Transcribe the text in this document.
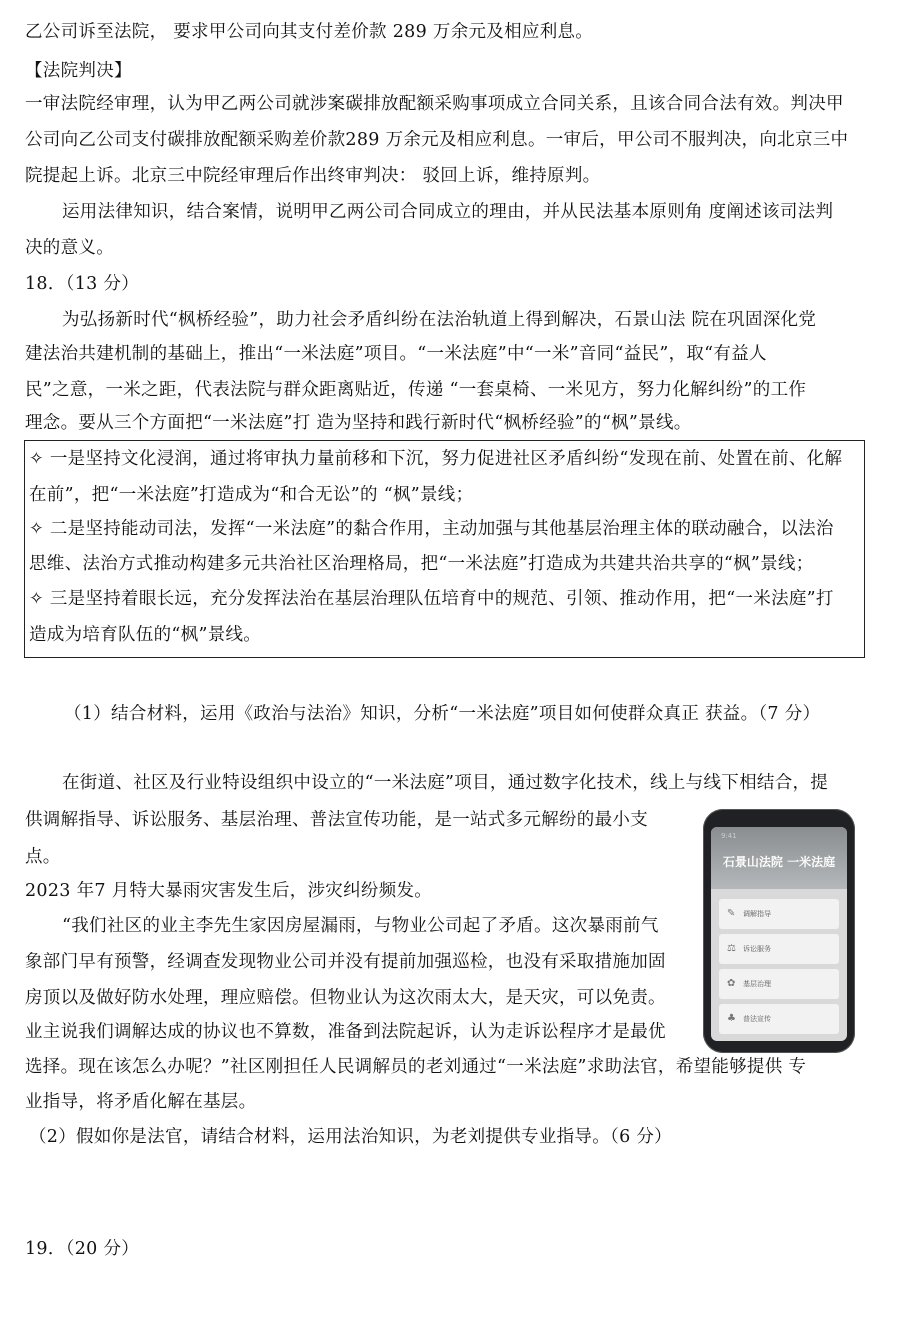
乙公司诉至法院， 要求甲公司向其支付差价款 289 万余元及相应利息。
【法院判决】
一审法院经审理，认为甲乙两公司就涉案碳排放配额采购事项成立合同关系，且该合同合法有效。判决甲
公司向乙公司支付碳排放配额采购差价款289 万余元及相应利息。一审后，甲公司不服判决，向北京三中
院提起上诉。北京三中院经审理后作出终审判决： 驳回上诉，维持原判。
运用法律知识，结合案情，说明甲乙两公司合同成立的理由，并从民法基本原则角 度阐述该司法判
决的意义。
18．（13 分）
为弘扬新时代“枫桥经验”，助力社会矛盾纠纷在法治轨道上得到解决，石景山法 院在巩固深化党
建法治共建机制的基础上，推出“一米法庭”项目。“一米法庭”中“一米”音同“益民”，取“有益人
民”之意，一米之距，代表法院与群众距离贴近，传递 “一套桌椅、一米见方，努力化解纠纷”的工作
理念。要从三个方面把“一米法庭”打 造为坚持和践行新时代“枫桥经验”的“枫”景线。
✧ 一是坚持文化浸润，通过将审执力量前移和下沉，努力促进社区矛盾纠纷“发现在前、处置在前、化解
在前”，把“一米法庭”打造成为“和合无讼”的 “枫”景线；
✧ 二是坚持能动司法，发挥“一米法庭”的黏合作用，主动加强与其他基层治理主体的联动融合，以法治
思维、法治方式推动构建多元共治社区治理格局，把“一米法庭”打造成为共建共治共享的“枫”景线；
✧ 三是坚持着眼长远，充分发挥法治在基层治理队伍培育中的规范、引领、推动作用，把“一米法庭”打
造成为培育队伍的“枫”景线。
（1）结合材料，运用《政治与法治》知识，分析“一米法庭”项目如何使群众真正 获益。（7 分）
在街道、社区及行业特设组织中设立的“一米法庭”项目，通过数字化技术，线上与线下相结合，提
供调解指导、诉讼服务、基层治理、普法宣传功能，是一站式多元解纷的最小支
点。
2023 年7 月特大暴雨灾害发生后，涉灾纠纷频发。
“我们社区的业主李先生家因房屋漏雨，与物业公司起了矛盾。这次暴雨前气
象部门早有预警，经调查发现物业公司并没有提前加强巡检，也没有采取措施加固
房顶以及做好防水处理，理应赔偿。但物业认为这次雨太大，是天灾，可以免责。
业主说我们调解达成的协议也不算数，准备到法院起诉，认为走诉讼程序才是最优
选择。现在该怎么办呢？”社区刚担任人民调解员的老刘通过“一米法庭”求助法官，希望能够提供 专
业指导，将矛盾化解在基层。
（2）假如你是法官，请结合材料，运用法治知识，为老刘提供专业指导。（6 分）
19．（20 分）
9:41
石景山法院 一米法庭
✎ 调解指导
⚖ 诉讼服务
✿ 基层治理
♣ 普法宣传
